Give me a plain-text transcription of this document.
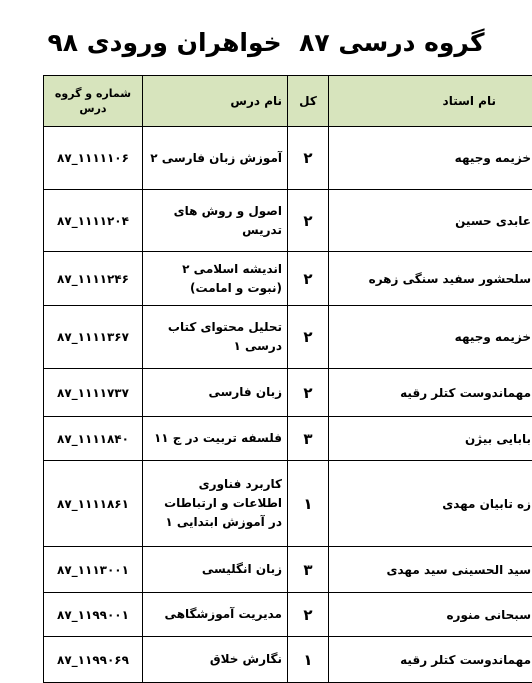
گروه درسی ۸۷  خواهران ورودی ۹۸
نام استاد	کل	نام درس	شماره و گروه درس
خزیمه وجیهه	۲	آموزش زبان فارسی ۲	۸۷_۱۱۱۱۱۰۶
عابدی حسین	۲	اصول و روش های تدریس	۸۷_۱۱۱۱۲۰۴
سلحشور سفید سنگی زهره	۲	اندیشه اسلامی ۲ (نبوت و امامت)	۸۷_۱۱۱۱۲۴۶
خزیمه وجیهه	۲	تحلیل محتوای کتاب درسی ۱	۸۷_۱۱۱۱۳۶۷
مهماندوست کتلر رقیه	۲	زبان فارسی	۸۷_۱۱۱۱۷۳۷
بابایی بیژن	۳	فلسفه تربیت در ج ۱۱	۸۷_۱۱۱۱۸۴۰
زه تابیان مهدی	۱	کاربرد فناوری اطلاعات و ارتباطات در آموزش ابتدایی ۱	۸۷_۱۱۱۱۸۶۱
سید الحسینی سید مهدی	۳	زبان انگلیسی	۸۷_۱۱۱۳۰۰۱
سبحانی منوره	۲	مدیریت آموزشگاهی	۸۷_۱۱۹۹۰۰۱
مهماندوست کتلر رقیه	۱	نگارش خلاق	۸۷_۱۱۹۹۰۶۹
